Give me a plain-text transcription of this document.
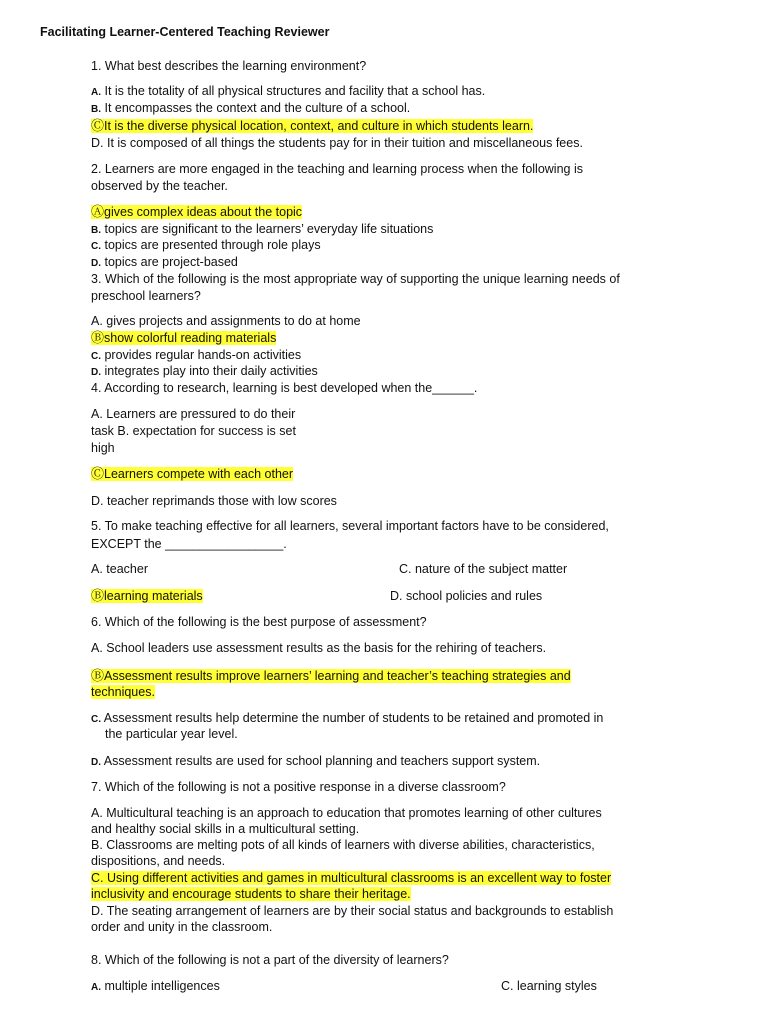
Facilitating Learner-Centered Teaching Reviewer
1. What best describes the learning environment?
A. It is the totality of all physical structures and facility that a school has.
B. It encompasses the context and the culture of a school.
ⒸIt is the diverse physical location, context, and culture in which students learn.
D. It is composed of all things the students pay for in their tuition and miscellaneous fees.
2. Learners are more engaged in the teaching and learning process when the following is
observed by the teacher.
Ⓐgives complex ideas about the topic
B. topics are significant to the learners’ everyday life situations
C. topics are presented through role plays
D. topics are project-based
3. Which of the following is the most appropriate way of supporting the unique learning needs of
preschool learners?
A. gives projects and assignments to do at home
Ⓑshow colorful reading materials
C. provides regular hands-on activities
D. integrates play into their daily activities
4. According to research, learning is best developed when the______.
A. Learners are pressured to do their
task B. expectation for success is set
high
ⒸLearners compete with each other
D. teacher reprimands those with low scores
5. To make teaching effective for all learners, several important factors have to be considered,
EXCEPT the _________________.
A. teacher	C. nature of the subject matter
Ⓑlearning materials	D. school policies and rules
6. Which of the following is the best purpose of assessment?
A. School leaders use assessment results as the basis for the rehiring of teachers.
ⒷAssessment results improve learners’ learning and teacher’s teaching strategies and
techniques.
C. Assessment results help determine the number of students to be retained and promoted in
the particular year level.
D. Assessment results are used for school planning and teachers support system.
7. Which of the following is not a positive response in a diverse classroom?
A. Multicultural teaching is an approach to education that promotes learning of other cultures
and healthy social skills in a multicultural setting.
B. Classrooms are melting pots of all kinds of learners with diverse abilities, characteristics,
dispositions, and needs.
C. Using different activities and games in multicultural classrooms is an excellent way to foster
inclusivity and encourage students to share their heritage.
D. The seating arrangement of learners are by their social status and backgrounds to establish
order and unity in the classroom.
8. Which of the following is not a part of the diversity of learners?
A. multiple intelligences	C. learning styles
